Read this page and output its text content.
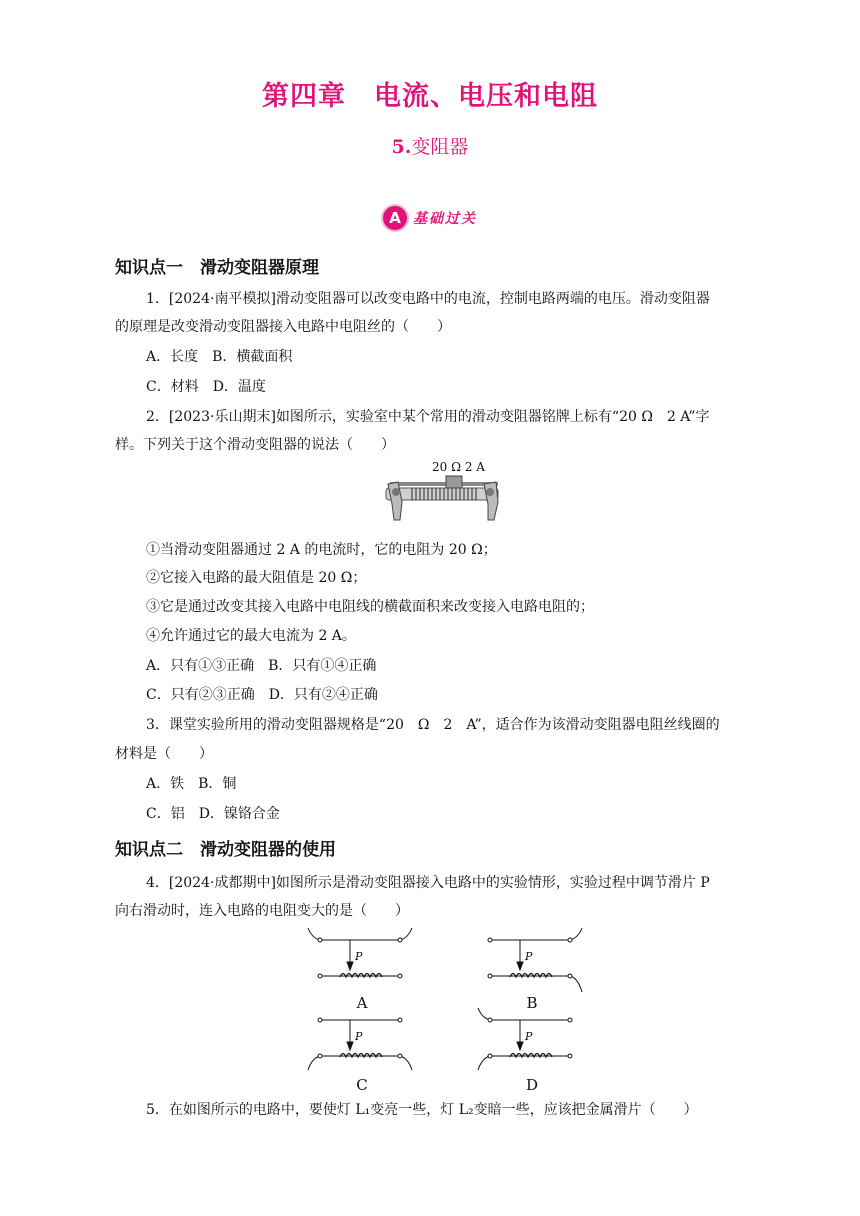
第四章　电流、电压和电阻
5.变阻器
A 基础过关
知识点一　滑动变阻器原理
1．[2024·南平模拟]滑动变阻器可以改变电路中的电流，控制电路两端的电压。滑动变阻器
的原理是改变滑动变阻器接入电路中电阻丝的（　　）
A．长度　B．横截面积
C．材料　D．温度
2．[2023·乐山期末]如图所示，实验室中某个常用的滑动变阻器铭牌上标有“20 Ω　2 A”字
样。下列关于这个滑动变阻器的说法（　　）
20 Ω 2 A
①当滑动变阻器通过 2 A 的电流时，它的电阻为 20 Ω；
②它接入电路的最大阻值是 20 Ω；
③它是通过改变其接入电路中电阻线的横截面积来改变接入电路电阻的；
④允许通过它的最大电流为 2 A。
A．只有①③正确　B．只有①④正确
C．只有②③正确　D．只有②④正确
3．课堂实验所用的滑动变阻器规格是“20　Ω　2　A”，适合作为该滑动变阻器电阻丝线圈的
材料是（　　）
A．铁　B．铜
C．铝　D．镍铬合金
知识点二　滑动变阻器的使用
4．[2024·成都期中]如图所示是滑动变阻器接入电路中的实验情形，实验过程中调节滑片 P
向右滑动时，连入电路的电阻变大的是（　　）
P	P
P	P
A	B
C	D
5．在如图所示的电路中，要使灯 L₁变亮一些，灯 L₂变暗一些，应该把金属滑片（　　）
